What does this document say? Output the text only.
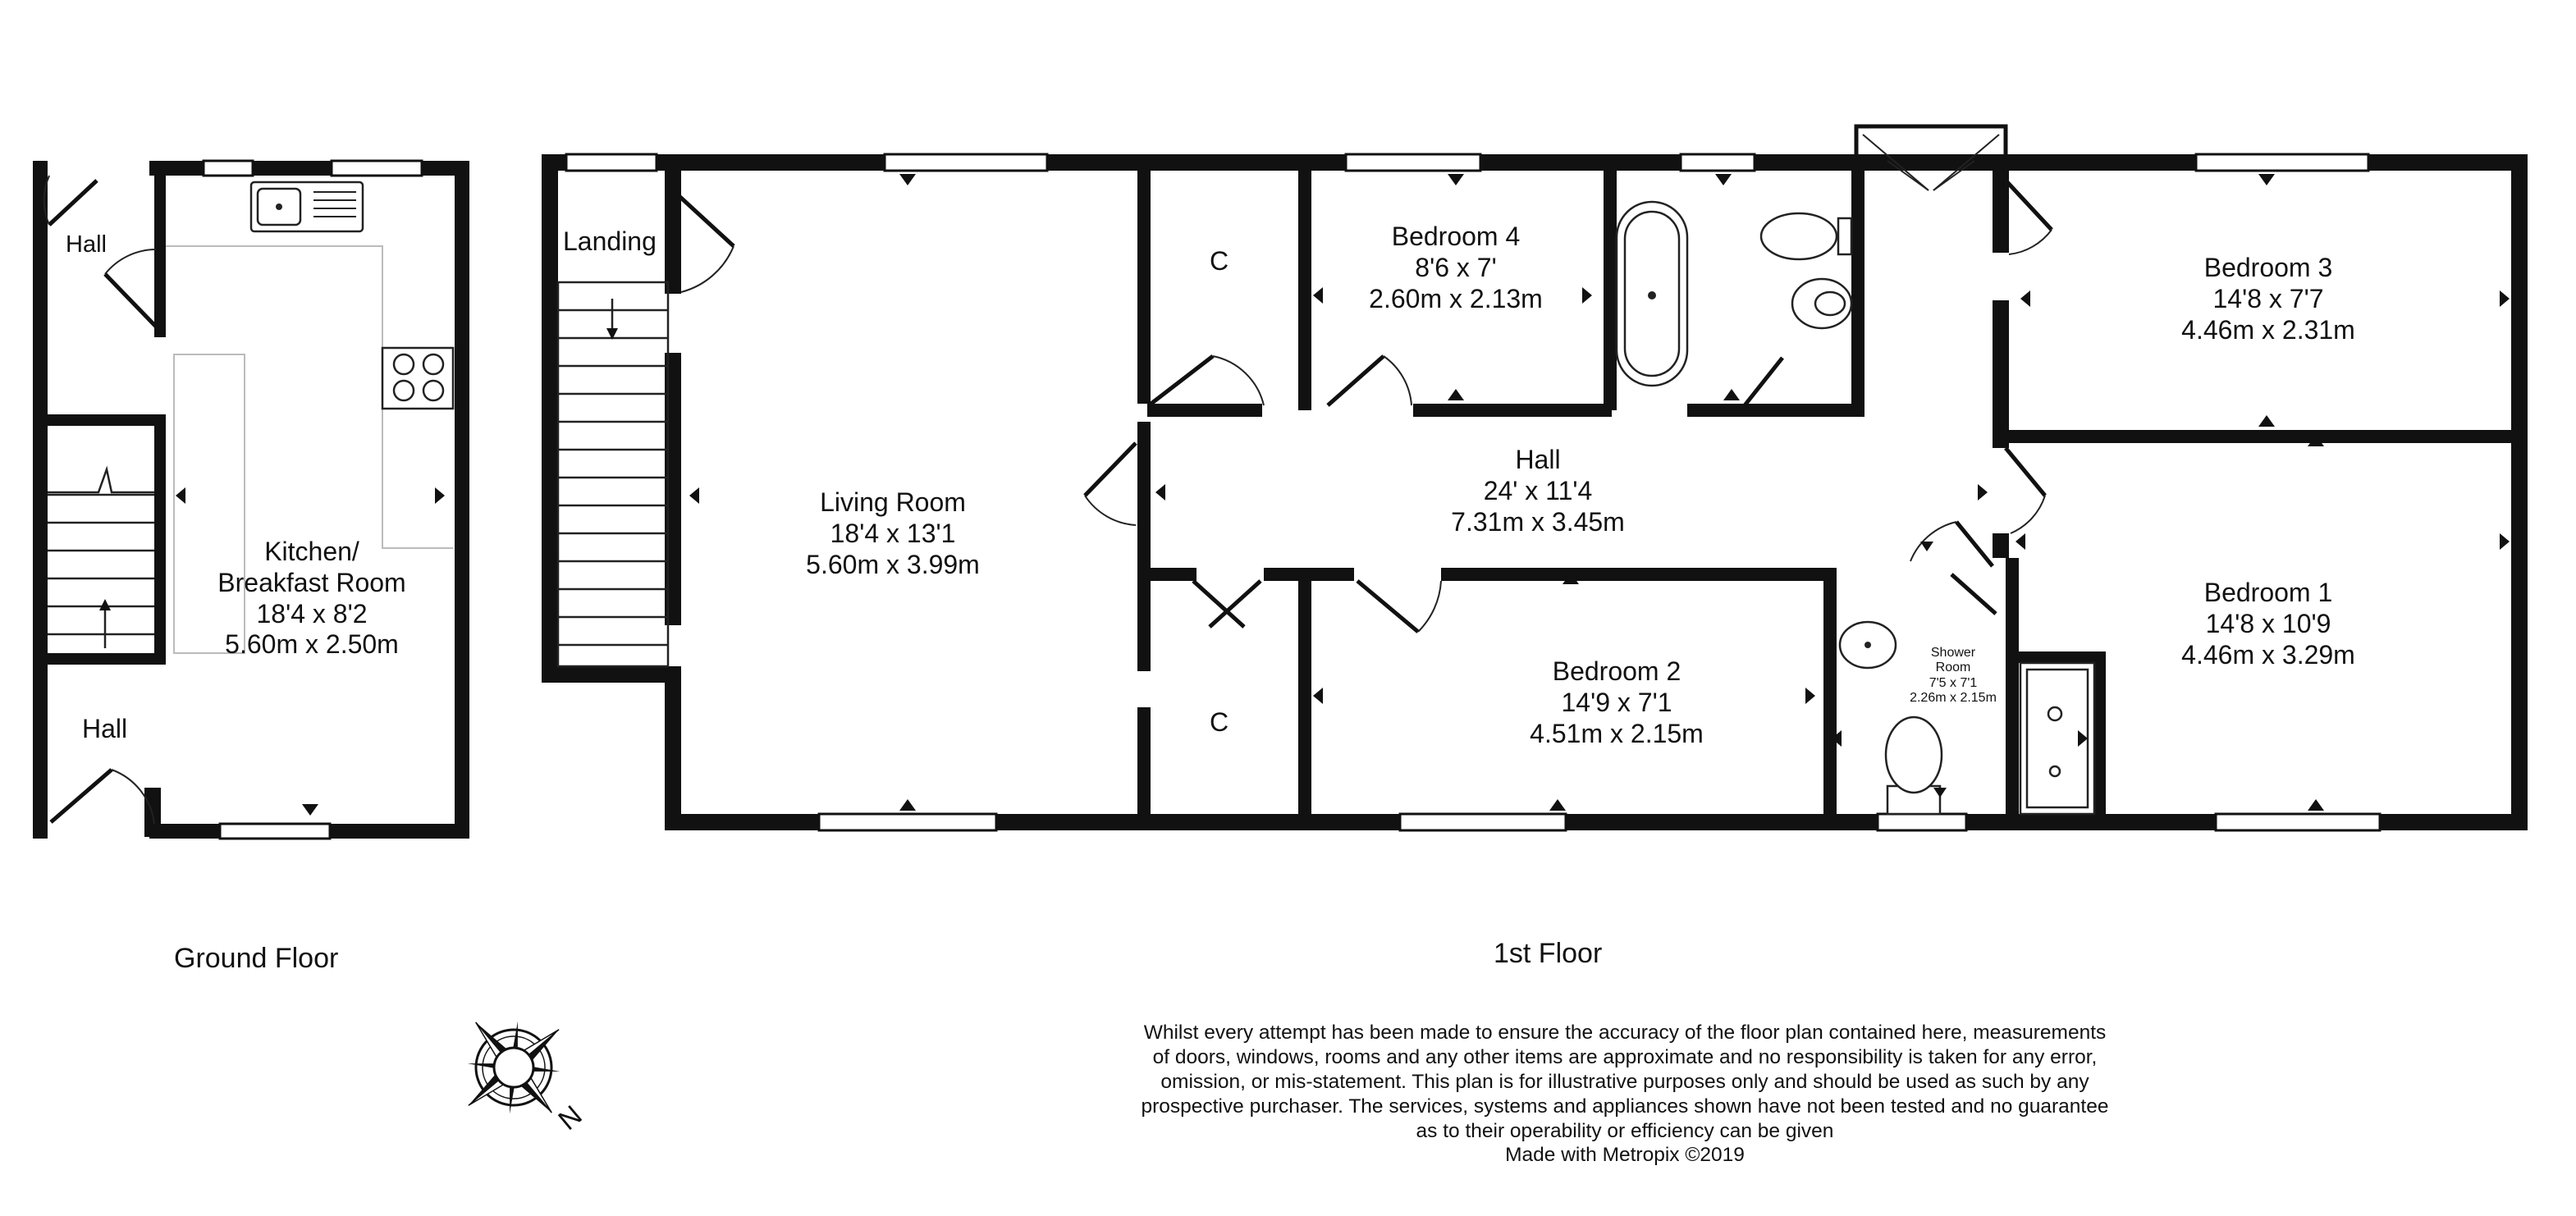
Hall
Hall
Kitchen/
Breakfast Room
18'4 x 8'2
5.60m x 2.50m
Ground Floor
Landing
Living Room
18'4 x 13'1
5.60m x 3.99m
C
C
Bedroom 4
8'6 x 7'
2.60m x 2.13m
Bedroom 3
14'8 x 7'7
4.46m x 2.31m
Hall
24' x 11'4
7.31m x 3.45m
Bedroom 2
14'9 x 7'1
4.51m x 2.15m
Shower
Room
7'5 x 7'1
2.26m x 2.15m
Bedroom 1
14'8 x 10'9
4.46m x 3.29m
1st Floor
N
Whilst every attempt has been made to ensure the accuracy of the floor plan contained here, measurements
of doors, windows, rooms and any other items are approximate and no responsibility is taken for any error,
omission, or mis-statement. This plan is for illustrative purposes only and should be used as such by any
prospective purchaser. The services, systems and appliances shown have not been tested and no guarantee
as to their operability or efficiency can be given
Made with Metropix ©2019
